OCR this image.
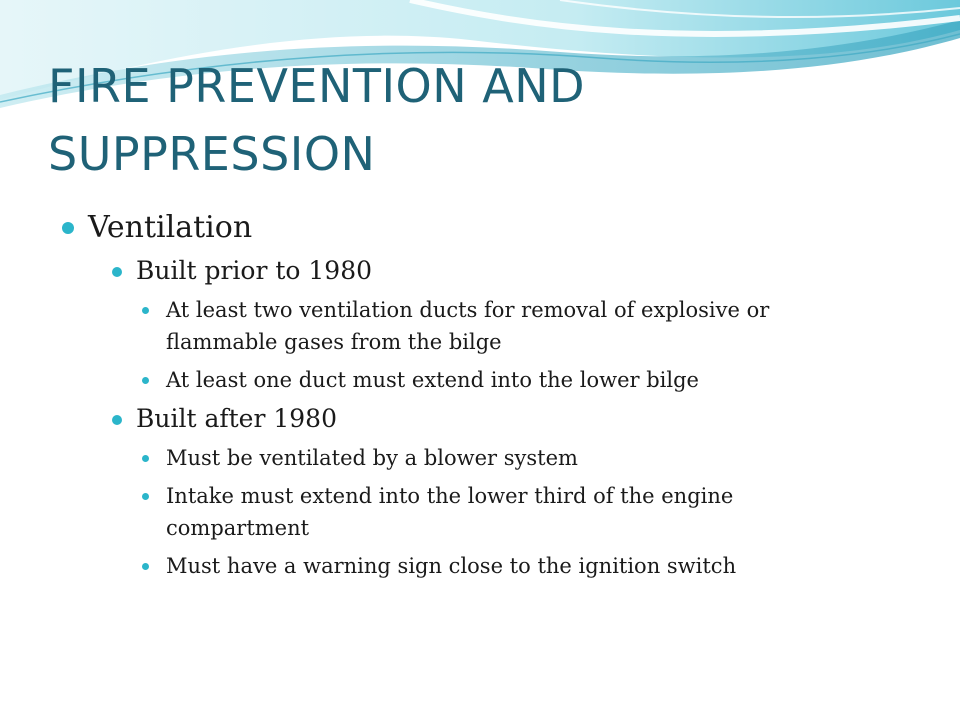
FIRE PREVENTION AND SUPPRESSION
Ventilation
Built prior to 1980
At least two ventilation ducts for removal of explosive or flammable gases from the bilge
At least one duct must extend into the lower bilge
Built after 1980
Must be ventilated by a blower system
Intake must extend into the lower third of the engine compartment
Must have a warning sign close to the ignition switch
